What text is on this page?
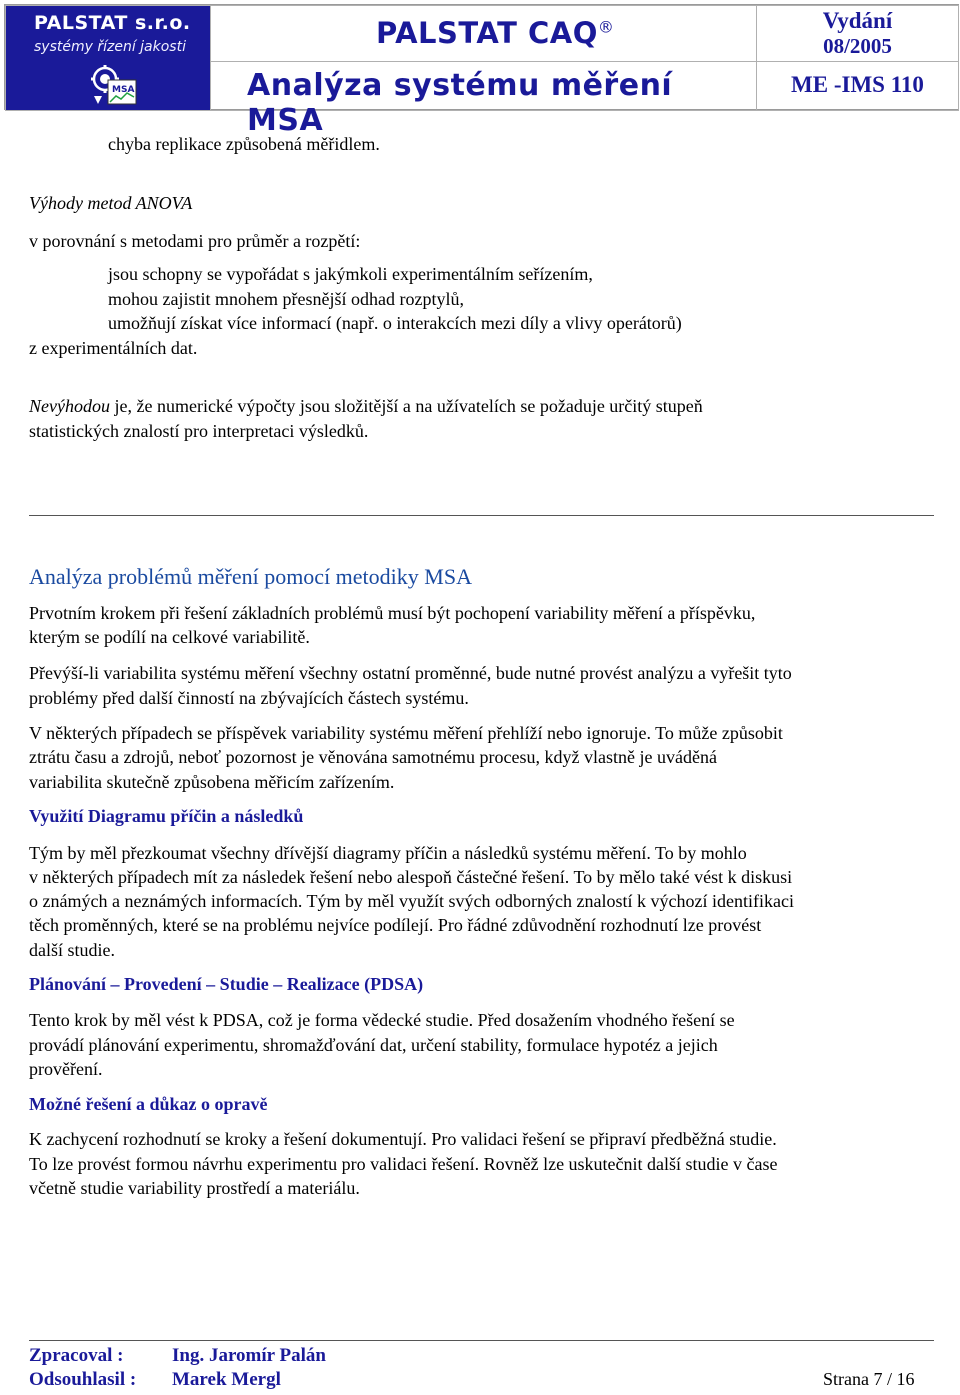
PALSTAT s.r.o.
systémy řízení jakosti
MSA
PALSTAT CAQ®
Analýza systému měření MSA
Vydání
08/2005
ME -IMS 110
chyba replikace způsobená měřidlem.
Výhody metod ANOVA
v porovnání s metodami pro průměr a rozpětí:
jsou schopny se vypořádat s jakýmkoli experimentálním seřízením,
mohou zajistit mnohem přesnější odhad rozptylů,
umožňují získat více informací (např. o interakcích mezi díly a vlivy operátorů)
z experimentálních dat.
Nevýhodou je, že numerické výpočty jsou složitější a na užívatelích se požaduje určitý stupeň
statistických znalostí pro interpretaci výsledků.
Analýza problémů měření pomocí metodiky MSA
Prvotním krokem při řešení základních problémů musí být pochopení variability měření a příspěvku,
kterým se podílí na celkové variabilitě.
Převýší-li variabilita systému měření všechny ostatní proměnné, bude nutné provést analýzu a vyřešit tyto
problémy před další činností na zbývajících částech systému.
V některých případech se příspěvek variability systému měření přehlíží nebo ignoruje. To může způsobit
ztrátu času a zdrojů, neboť pozornost je věnována samotnému procesu, když vlastně je uváděná
variabilita skutečně způsobena měřicím zařízením.
Využití Diagramu příčin a následků
Tým by měl přezkoumat všechny dřívější diagramy příčin a následků systému měření. To by mohlo
v některých případech mít za následek řešení nebo alespoň částečné řešení. To by mělo také vést k diskusi
o známých a neznámých informacích. Tým by měl využít svých odborných znalostí k výchozí identifikaci
těch proměnných, které se na problému nejvíce podílejí. Pro řádné zdůvodnění rozhodnutí lze provést
další studie.
Plánování – Provedení – Studie – Realizace (PDSA)
Tento krok by měl vést k PDSA, což je forma vědecké studie. Před dosažením vhodného řešení se
provádí plánování experimentu, shromažďování dat, určení stability, formulace hypotéz a jejich
prověření.
Možné řešení a důkaz o opravě
K zachycení rozhodnutí se kroky a řešení dokumentují. Pro validaci řešení se připraví předběžná studie.
To lze provést formou návrhu experimentu pro validaci řešení. Rovněž lze uskutečnit další studie v čase
včetně studie variability prostředí a materiálu.
Zpracoval :	Ing. Jaromír Palán
Odsouhlasil : Marek Mergl	Strana 7 / 16
